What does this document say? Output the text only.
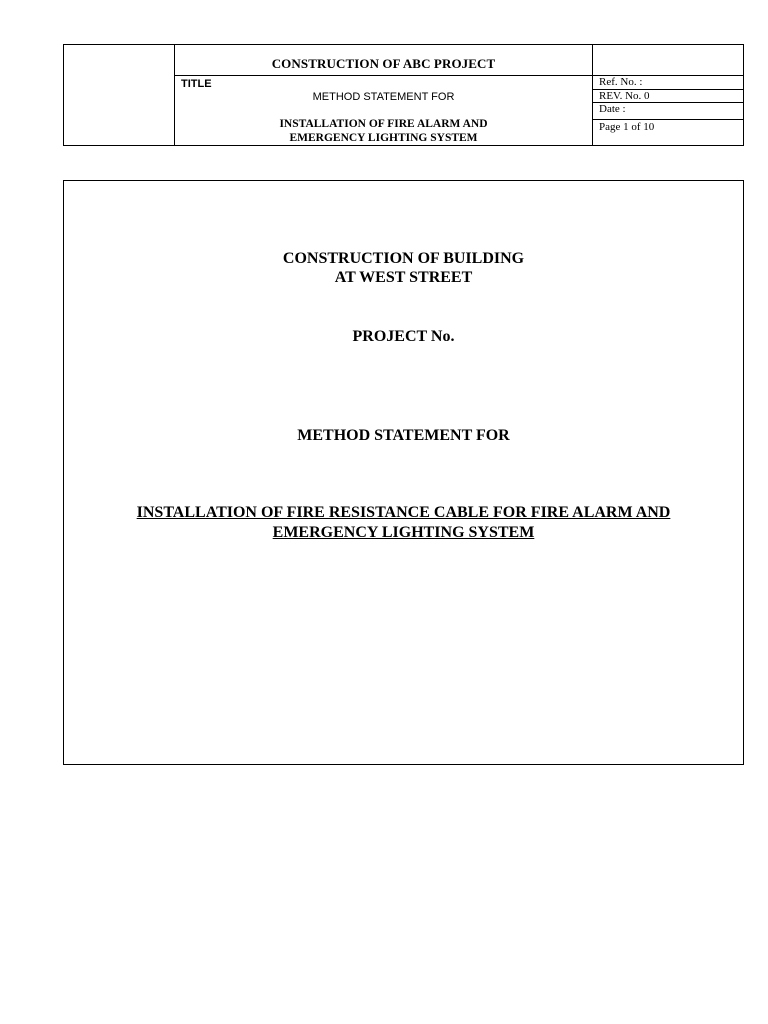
CONSTRUCTION OF ABC PROJECT
TITLE
METHOD STATEMENT FOR
INSTALLATION OF FIRE ALARM AND
EMERGENCY LIGHTING SYSTEM
Ref. No. :
REV. No. 0
Date :
Page 1 of 10
CONSTRUCTION OF BUILDING
AT WEST STREET
PROJECT No.
METHOD STATEMENT FOR
INSTALLATION OF FIRE RESISTANCE CABLE FOR FIRE ALARM AND
EMERGENCY LIGHTING SYSTEM
